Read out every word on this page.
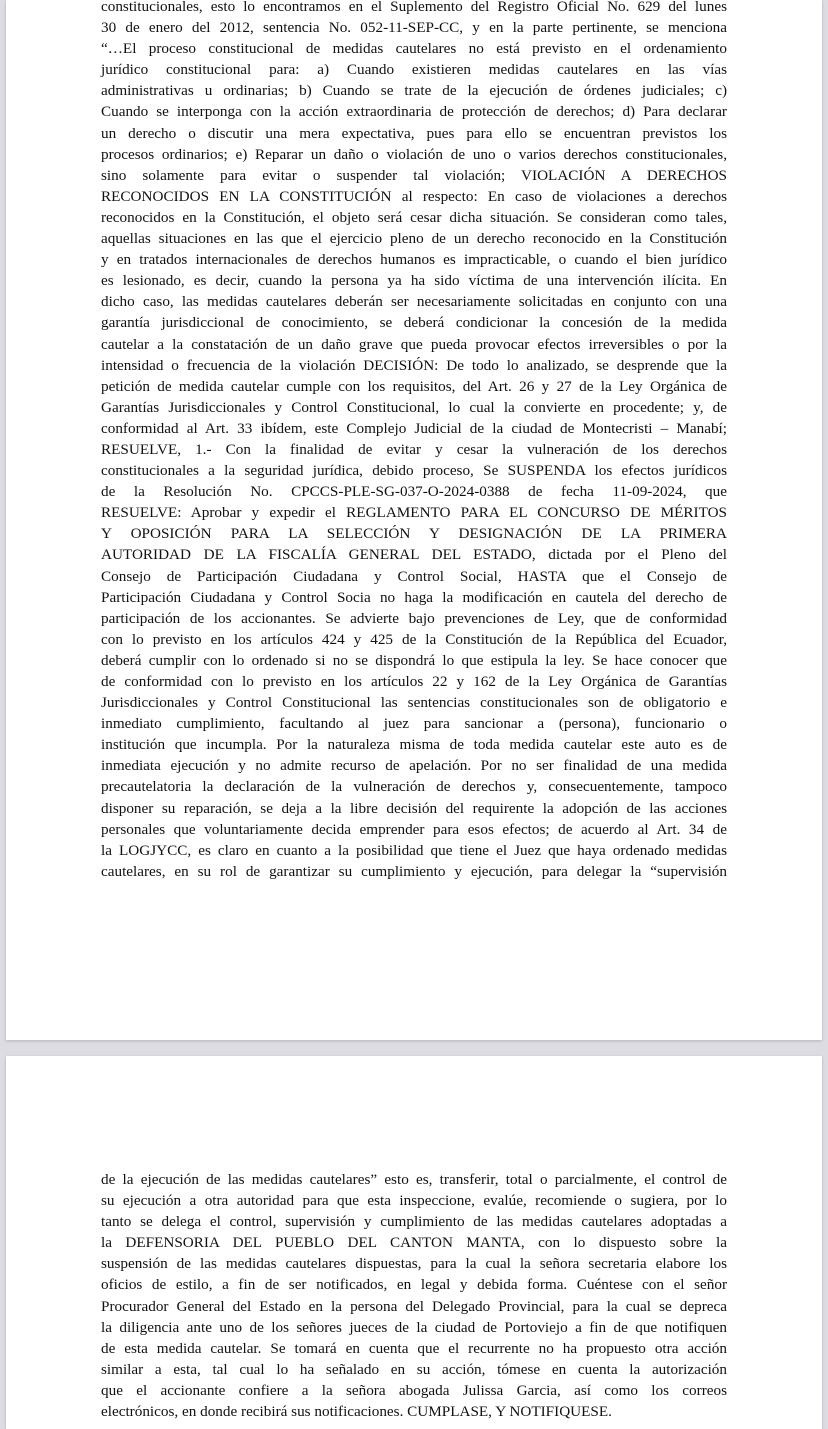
constitucionales, esto lo encontramos en el Suplemento del Registro Oficial No. 629 del lunes
30 de enero del 2012, sentencia No. 052-11-SEP-CC, y en la parte pertinente, se menciona
“…El proceso constitucional de medidas cautelares no está previsto en el ordenamiento
jurídico constitucional para: a) Cuando existieren medidas cautelares en las vías
administrativas u ordinarias; b) Cuando se trate de la ejecución de órdenes judiciales; c)
Cuando se interponga con la acción extraordinaria de protección de derechos; d) Para declarar
un derecho o discutir una mera expectativa, pues para ello se encuentran previstos los
procesos ordinarios; e) Reparar un daño o violación de uno o varios derechos constitucionales,
sino solamente para evitar o suspender tal violación; VIOLACIÓN A DERECHOS
RECONOCIDOS EN LA CONSTITUCIÓN al respecto: En caso de violaciones a derechos
reconocidos en la Constitución, el objeto será cesar dicha situación. Se consideran como tales,
aquellas situaciones en las que el ejercicio pleno de un derecho reconocido en la Constitución
y en tratados internacionales de derechos humanos es impracticable, o cuando el bien jurídico
es lesionado, es decir, cuando la persona ya ha sido víctima de una intervención ilícita. En
dicho caso, las medidas cautelares deberán ser necesariamente solicitadas en conjunto con una
garantía jurisdiccional de conocimiento, se deberá condicionar la concesión de la medida
cautelar a la constatación de un daño grave que pueda provocar efectos irreversibles o por la
intensidad o frecuencia de la violación DECISIÓN: De todo lo analizado, se desprende que la
petición de medida cautelar cumple con los requisitos, del Art. 26 y 27 de la Ley Orgánica de
Garantías Jurisdiccionales y Control Constitucional, lo cual la convierte en procedente; y, de
conformidad al Art. 33 ibídem, este Complejo Judicial de la ciudad de Montecristi – Manabí;
RESUELVE, 1.- Con la finalidad de evitar y cesar la vulneración de los derechos
constitucionales a la seguridad jurídica, debido proceso, Se SUSPENDA los efectos jurídicos
de la Resolución No. CPCCS-PLE-SG-037-O-2024-0388 de fecha 11-09-2024, que
RESUELVE: Aprobar y expedir el REGLAMENTO PARA EL CONCURSO DE MÉRITOS
Y OPOSICIÓN PARA LA SELECCIÓN Y DESIGNACIÓN DE LA PRIMERA
AUTORIDAD DE LA FISCALÍA GENERAL DEL ESTADO, dictada por el Pleno del
Consejo de Participación Ciudadana y Control Social, HASTA que el Consejo de
Participación Ciudadana y Control Socia no haga la modificación en cautela del derecho de
participación de los accionantes. Se advierte bajo prevenciones de Ley, que de conformidad
con lo previsto en los artículos 424 y 425 de la Constitución de la República del Ecuador,
deberá cumplir con lo ordenado si no se dispondrá lo que estipula la ley. Se hace conocer que
de conformidad con lo previsto en los artículos 22 y 162 de la Ley Orgánica de Garantías
Jurisdiccionales y Control Constitucional las sentencias constitucionales son de obligatorio e
inmediato cumplimiento, facultando al juez para sancionar a (persona), funcionario o
institución que incumpla. Por la naturaleza misma de toda medida cautelar este auto es de
inmediata ejecución y no admite recurso de apelación. Por no ser finalidad de una medida
precautelatoria la declaración de la vulneración de derechos y, consecuentemente, tampoco
disponer su reparación, se deja a la libre decisión del requirente la adopción de las acciones
personales que voluntariamente decida emprender para esos efectos; de acuerdo al Art. 34 de
la LOGJYCC, es claro en cuanto a la posibilidad que tiene el Juez que haya ordenado medidas
cautelares, en su rol de garantizar su cumplimiento y ejecución, para delegar la “supervisión
de la ejecución de las medidas cautelares” esto es, transferir, total o parcialmente, el control de
su ejecución a otra autoridad para que esta inspeccione, evalúe, recomiende o sugiera, por lo
tanto se delega el control, supervisión y cumplimiento de las medidas cautelares adoptadas a
la DEFENSORIA DEL PUEBLO DEL CANTON MANTA, con lo dispuesto sobre la
suspensión de las medidas cautelares dispuestas, para la cual la señora secretaria elabore los
oficios de estilo, a fin de ser notificados, en legal y debida forma. Cuéntese con el señor
Procurador General del Estado en la persona del Delegado Provincial, para la cual se depreca
la diligencia ante uno de los señores jueces de la ciudad de Portoviejo a fin de que notifiquen
de esta medida cautelar. Se tomará en cuenta que el recurrente no ha propuesto otra acción
similar a esta, tal cual lo ha señalado en su acción, tómese en cuenta la autorización
que el accionante confiere a la señora abogada Julissa Garcia, así como los correos
electrónicos, en donde recibirá sus notificaciones. CUMPLASE, Y NOTIFIQUESE.
